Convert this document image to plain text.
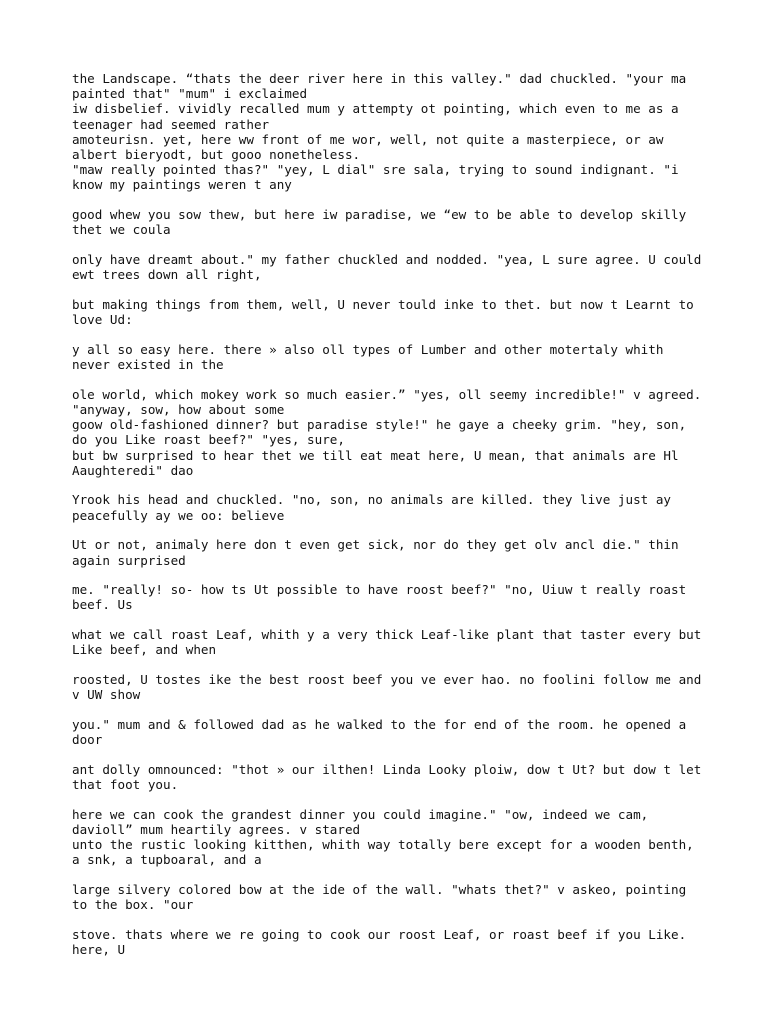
the Landscape. “thats the deer river here in this valley." dad chuckled. "your ma
painted that" "mum" i exclaimed
iw disbelief. vividly recalled mum y attempty ot pointing, which even to me as a
teenager had seemed rather
amoteurisn. yet, here ww front of me wor, well, not quite a masterpiece, or aw
albert bieryodt, but gooo nonetheless.
"maw really pointed thas?" "yey, L dial" sre sala, trying to sound indignant. "i
know my paintings weren t any

good whew you sow thew, but here iw paradise, we “ew to be able to develop skilly
thet we coula

only have dreamt about." my father chuckled and nodded. "yea, L sure agree. U could
ewt trees down all right,

but making things from them, well, U never tould inke to thet. but now t Learnt to
love Ud:

y all so easy here. there » also oll types of Lumber and other motertaly whith
never existed in the

ole world, which mokey work so much easier.” "yes, oll seemy incredible!" v agreed.
"anyway, sow, how about some
goow old-fashioned dinner? but paradise style!" he gaye a cheeky grim. "hey, son,
do you Like roast beef?" "yes, sure,
but bw surprised to hear thet we till eat meat here, U mean, that animals are Hl
Aaughteredi" dao

Yrook his head and chuckled. "no, son, no animals are killed. they live just ay
peacefully ay we oo: believe

Ut or not, animaly here don t even get sick, nor do they get olv ancl die." thin
again surprised

me. "really! so- how ts Ut possible to have roost beef?" "no, Uiuw t really roast
beef. Us

what we call roast Leaf, whith y a very thick Leaf-like plant that taster every but
Like beef, and when

roosted, U tostes ike the best roost beef you ve ever hao. no foolini follow me and
v UW show

you." mum and & followed dad as he walked to the for end of the room. he opened a
door

ant dolly omnounced: "thot » our ilthen! Linda Looky ploiw, dow t Ut? but dow t let
that foot you.

here we can cook the grandest dinner you could imagine." "ow, indeed we cam,
davioll” mum heartily agrees. v stared
unto the rustic looking kitthen, whith way totally bere except for a wooden benth,
a snk, a tupboaral, and a

large silvery colored bow at the ide of the wall. "whats thet?" v askeo, pointing
to the box. "our

stove. thats where we re going to cook our roost Leaf, or roast beef if you Like.
here, U
